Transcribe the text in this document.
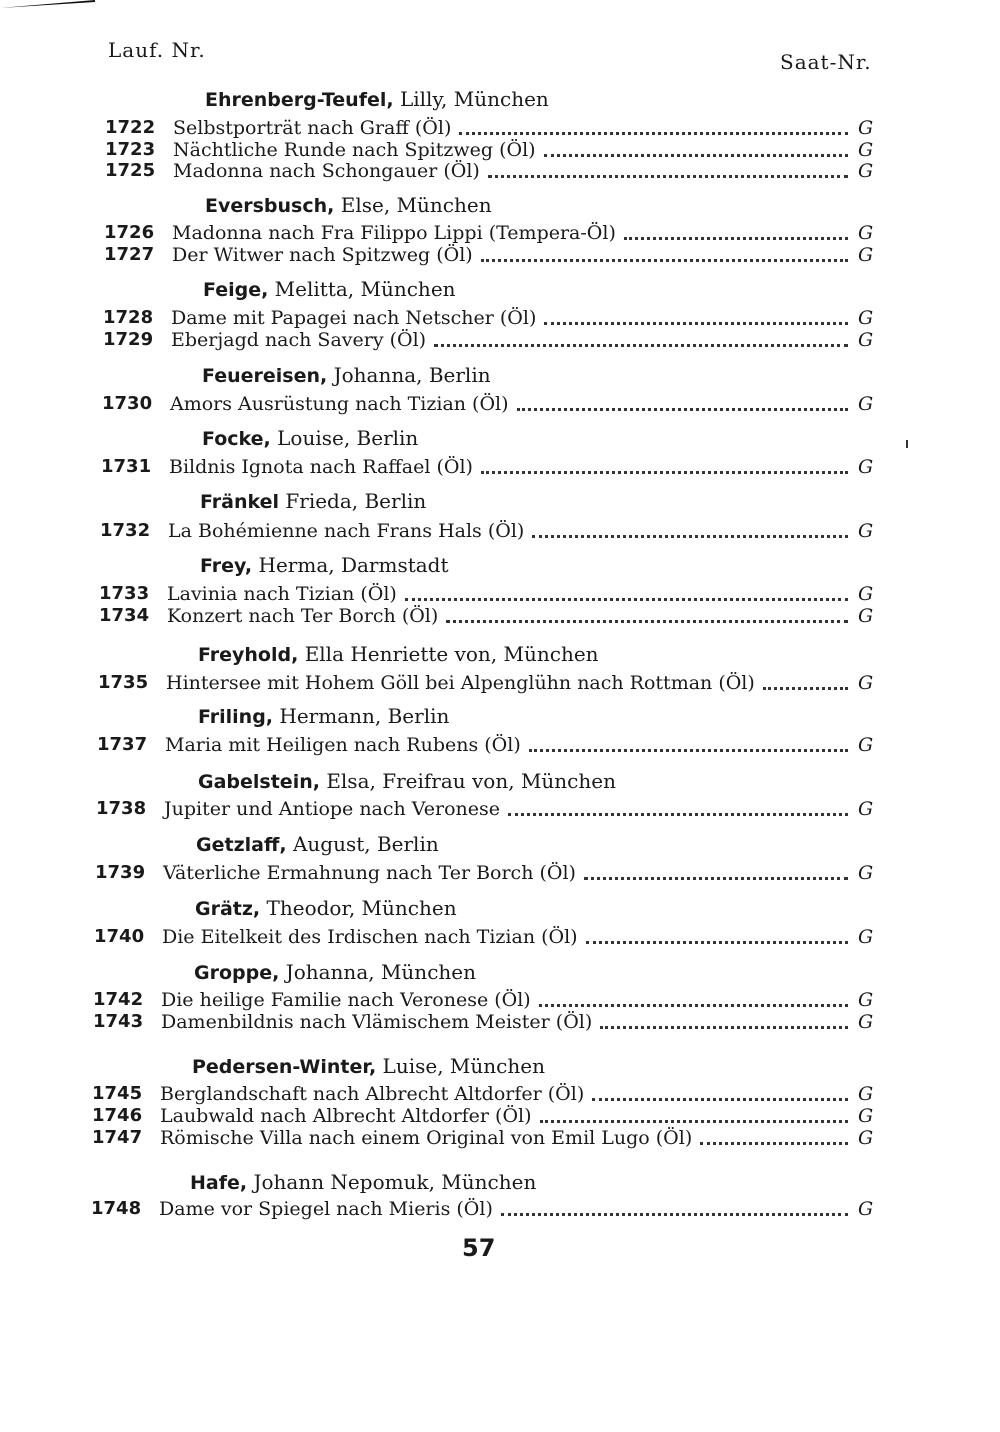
Lauf. Nr.	Saat-Nr.
Ehrenberg-Teufel, Lilly, München
1722 Selbstporträt nach Graff (Öl)	G
1723 Nächtliche Runde nach Spitzweg (Öl)	G
1725 Madonna nach Schongauer (Öl)	G
Eversbusch, Else, München
1726 Madonna nach Fra Filippo Lippi (Tempera-Öl)	G
1727 Der Witwer nach Spitzweg (Öl)	G
Feige, Melitta, München
1728 Dame mit Papagei nach Netscher (Öl)	G
1729 Eberjagd nach Savery (Öl)	G
Feuereisen, Johanna, Berlin
1730 Amors Ausrüstung nach Tizian (Öl)	G
Focke, Louise, Berlin
1731 Bildnis Ignota nach Raffael (Öl)	G
Fränkel Frieda, Berlin
1732 La Bohémienne nach Frans Hals (Öl)	G
Frey, Herma, Darmstadt
1733 Lavinia nach Tizian (Öl)	G
1734 Konzert nach Ter Borch (Öl)	G
Freyhold, Ella Henriette von, München
1735 Hintersee mit Hohem Göll bei Alpenglühn nach Rottman (Öl)	G
Friling, Hermann, Berlin
1737 Maria mit Heiligen nach Rubens (Öl)	G
Gabelstein, Elsa, Freifrau von, München
1738 Jupiter und Antiope nach Veronese	G
Getzlaff, August, Berlin
1739 Väterliche Ermahnung nach Ter Borch (Öl)	G
Grätz, Theodor, München
1740 Die Eitelkeit des Irdischen nach Tizian (Öl)	G
Groppe, Johanna, München
1742 Die heilige Familie nach Veronese (Öl)	G
1743 Damenbildnis nach Vlämischem Meister (Öl)	G
Pedersen-Winter, Luise, München
1745 Berglandschaft nach Albrecht Altdorfer (Öl)	G
1746 Laubwald nach Albrecht Altdorfer (Öl)	G
1747 Römische Villa nach einem Original von Emil Lugo (Öl)	G
Hafe, Johann Nepomuk, München
1748 Dame vor Spiegel nach Mieris (Öl)	G
57
